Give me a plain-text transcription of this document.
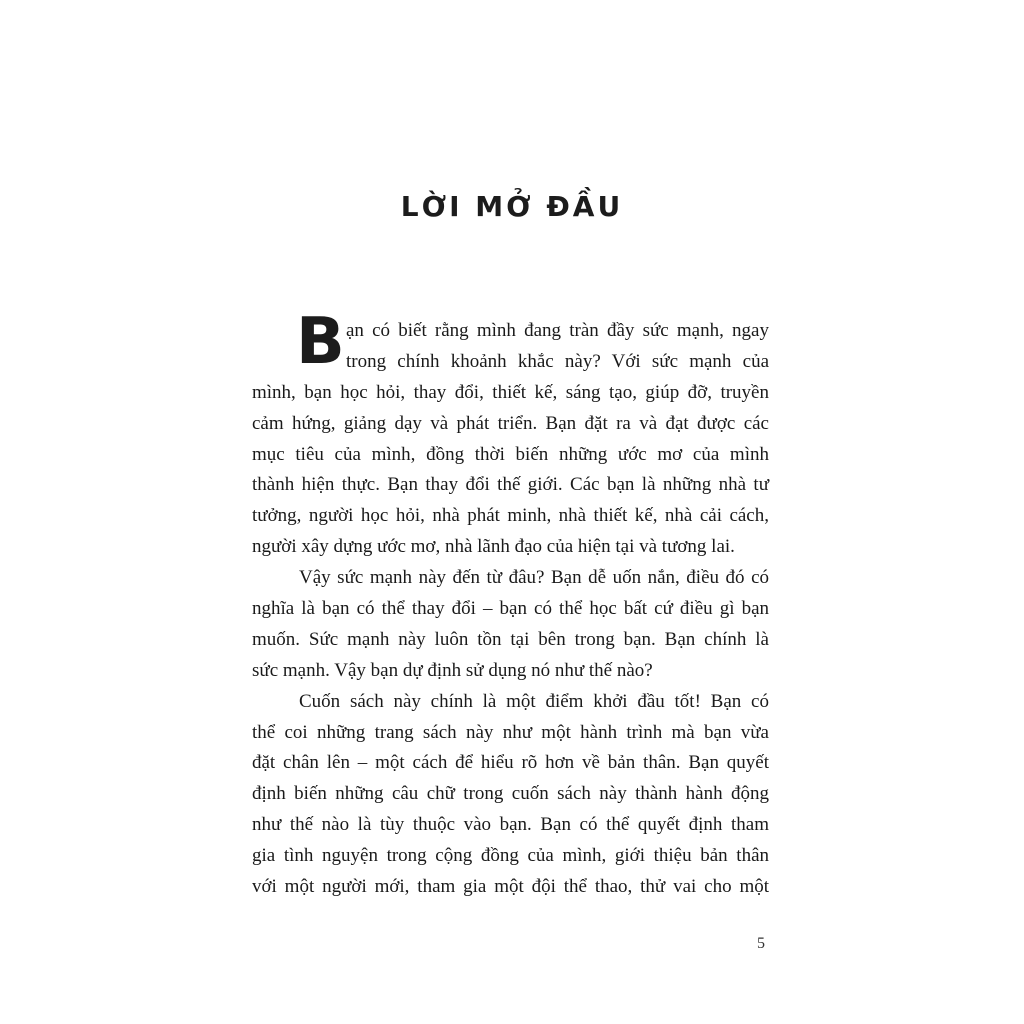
LỜI MỞ ĐẦU
B ạn có biết rằng mình đang tràn đầy sức mạnh, ngay
trong chính khoảnh khắc này? Với sức mạnh của
mình, bạn học hỏi, thay đổi, thiết kế, sáng tạo, giúp đỡ, truyền
cảm hứng, giảng dạy và phát triển. Bạn đặt ra và đạt được các
mục tiêu của mình, đồng thời biến những ước mơ của mình
thành hiện thực. Bạn thay đổi thế giới. Các bạn là những nhà tư
tưởng, người học hỏi, nhà phát minh, nhà thiết kế, nhà cải cách,
người xây dựng ước mơ, nhà lãnh đạo của hiện tại và tương lai.
Vậy sức mạnh này đến từ đâu? Bạn dễ uốn nắn, điều đó có
nghĩa là bạn có thể thay đổi – bạn có thể học bất cứ điều gì bạn
muốn. Sức mạnh này luôn tồn tại bên trong bạn. Bạn chính là
sức mạnh. Vậy bạn dự định sử dụng nó như thế nào?
Cuốn sách này chính là một điểm khởi đầu tốt! Bạn có
thể coi những trang sách này như một hành trình mà bạn vừa
đặt chân lên – một cách để hiểu rõ hơn về bản thân. Bạn quyết
định biến những câu chữ trong cuốn sách này thành hành động
như thế nào là tùy thuộc vào bạn. Bạn có thể quyết định tham
gia tình nguyện trong cộng đồng của mình, giới thiệu bản thân
với một người mới, tham gia một đội thể thao, thử vai cho một
5
